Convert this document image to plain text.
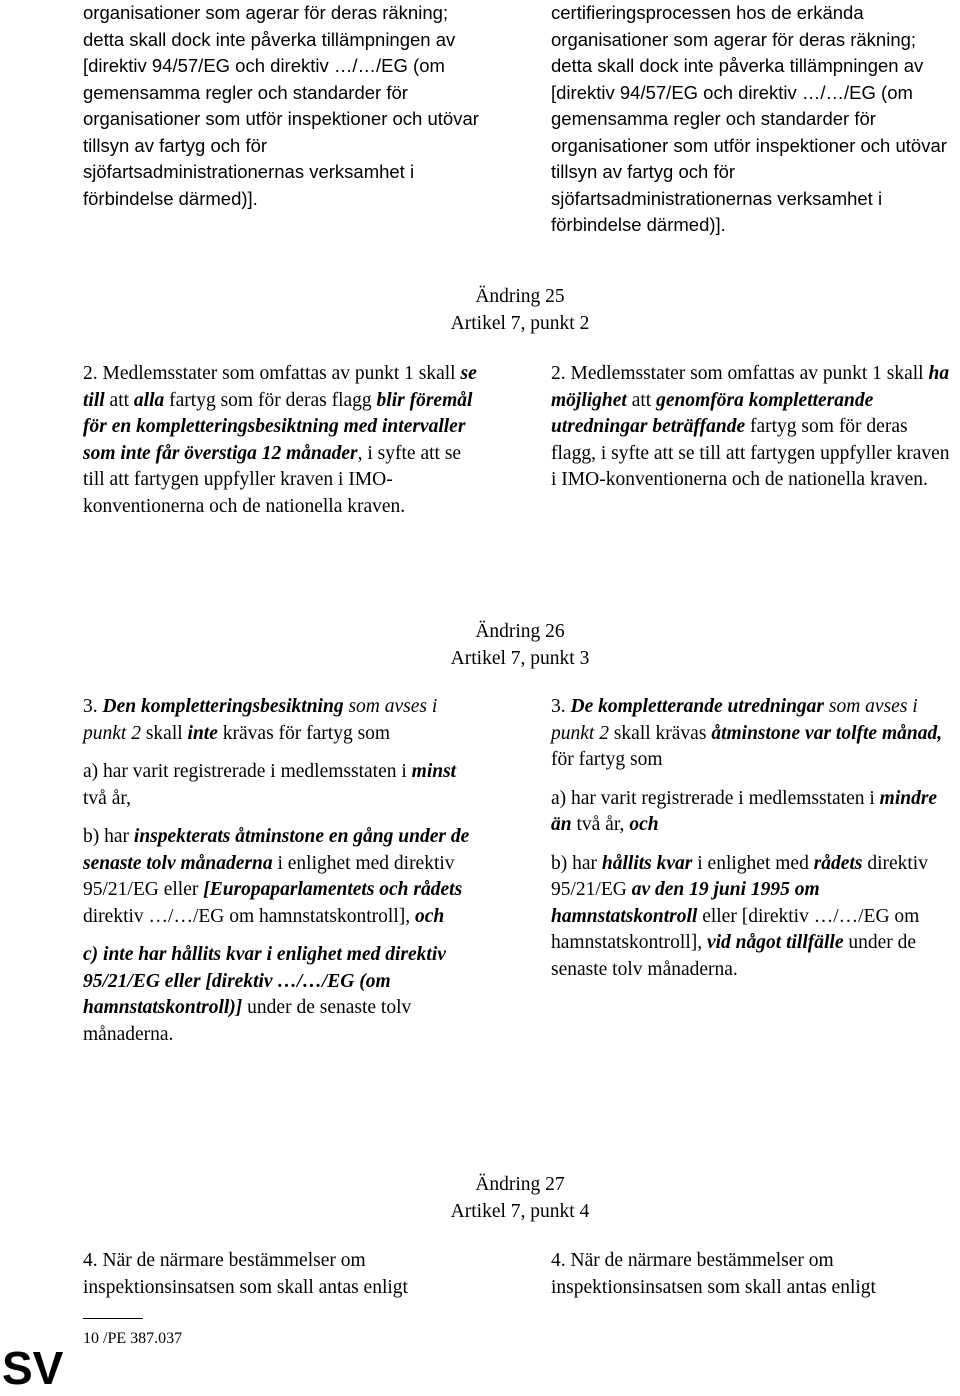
organisationer som agerar för deras räkning; detta skall dock inte påverka tillämpningen av [direktiv 94/57/EG och direktiv …/…/EG (om gemensamma regler och standarder för organisationer som utför inspektioner och utövar tillsyn av fartyg och för sjöfartsadministrationernas verksamhet i förbindelse därmed)].
certifieringsprocessen hos de erkända organisationer som agerar för deras räkning; detta skall dock inte påverka tillämpningen av [direktiv 94/57/EG och direktiv …/…/EG (om gemensamma regler och standarder för organisationer som utför inspektioner och utövar tillsyn av fartyg och för sjöfartsadministrationernas verksamhet i förbindelse därmed)].
Ändring 25
Artikel 7, punkt 2
2. Medlemsstater som omfattas av punkt 1 skall se till att alla fartyg som för deras flagg blir föremål för en kompletteringsbesiktning med intervaller som inte får överstiga 12 månader, i syfte att se till att fartygen uppfyller kraven i IMO-konventionerna och de nationella kraven.
2. Medlemsstater som omfattas av punkt 1 skall ha möjlighet att genomföra kompletterande utredningar beträffande fartyg som för deras flagg, i syfte att se till att fartygen uppfyller kraven i IMO-konventionerna och de nationella kraven.
Ändring 26
Artikel 7, punkt 3

3. Den kompletteringsbesiktning som avses i punkt 2 skall inte krävas för fartyg som

a) har varit registrerade i medlemsstaten i minst två år,

b) har inspekterats åtminstone en gång under de senaste tolv månaderna i enlighet med direktiv 95/21/EG eller [Europaparlamentets och rådets direktiv …/…/EG om hamnstatskontroll], och

c) inte har hållits kvar i enlighet med direktiv 95/21/EG eller [direktiv …/…/EG (om hamnstatskontroll)] under de senaste tolv månaderna.

3. De kompletterande utredningar som avses i punkt 2 skall krävas åtminstone var tolfte månad, för fartyg som

a) har varit registrerade i medlemsstaten i mindre än två år, och

b) har hållits kvar i enlighet med rådets direktiv 95/21/EG av den 19 juni 1995 om hamnstatskontroll eller [direktiv …/…/EG om hamnstatskontroll], vid något tillfälle under de senaste tolv månaderna.

Ändring 27
Artikel 7, punkt 4
4. När de närmare bestämmelser om inspektionsinsatsen som skall antas enligt
4. När de närmare bestämmelser om inspektionsinsatsen som skall antas enligt
10 /PE 387.037
SV
